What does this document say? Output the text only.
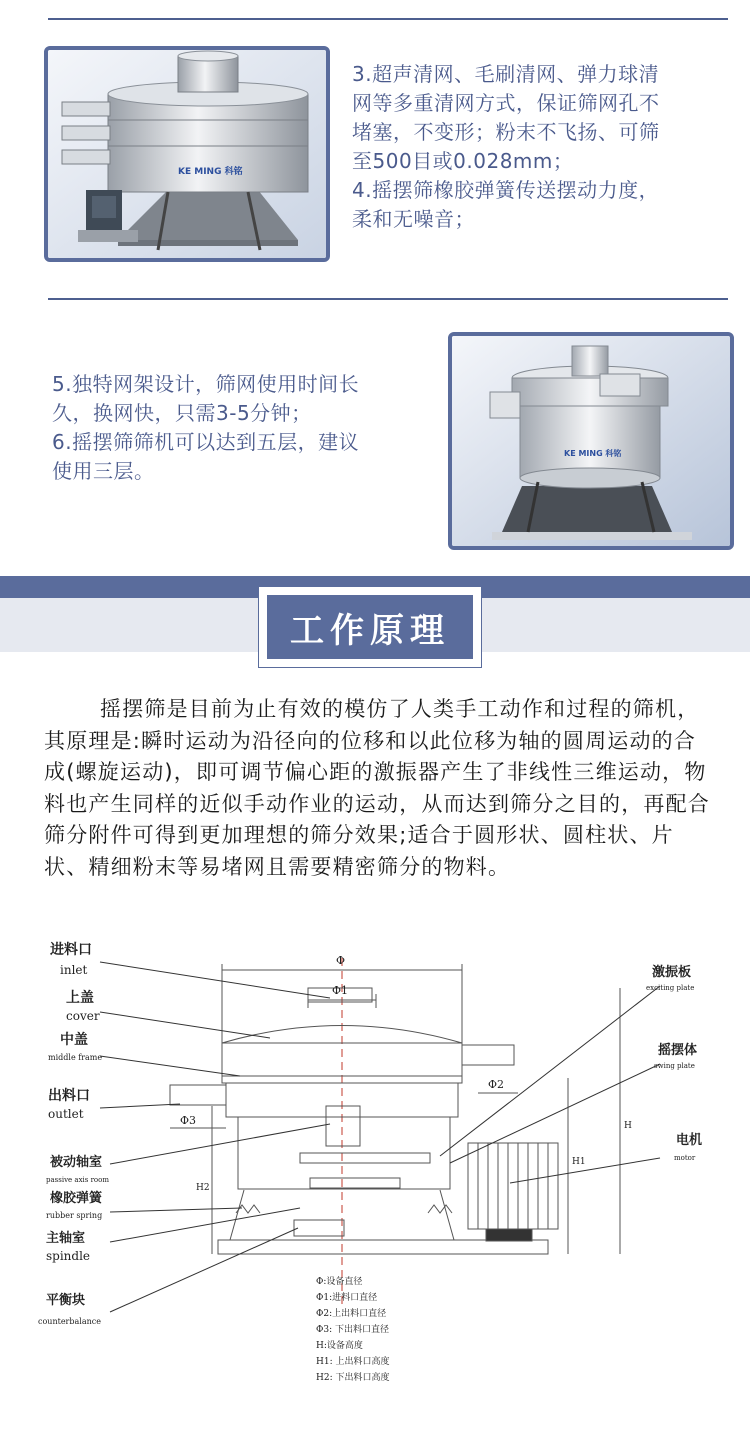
KE MING 科铭

3.超声清网、毛刷清网、弹力球清

网等多重清网方式，保证筛网孔不

堵塞，不变形；粉末不飞扬、可筛

至500目或0.028mm；

4.摇摆筛橡胶弹簧传送摆动力度，

柔和无噪音；

5.独特网架设计，筛网使用时间长

久，换网快，只需3-5分钟；

6.摇摆筛筛机可以达到五层，建议

使用三层。

KE MING 科铭
工作原理

摇摆筛是目前为止有效的模仿了人类手工动作和过程的筛机，其原理是:瞬时运动为沿径向的位移和以此位移为轴的圆周运动的合成(螺旋运动)，即可调节偏心距的激振器产生了非线性三维运动，物料也产生同样的近似手动作业的运动，从而达到筛分之目的，再配合筛分附件可得到更加理想的筛分效果;适合于圆形状、圆柱状、片状、精细粉末等易堵网且需要精密筛分的物料。

进料口
inlet
上盖
cover
中盖
middle frame
出料口
outlet
被动轴室
passive axis room
橡胶弹簧
rubber spring
主轴室
spindle
平衡块
counterbalance
激振板
exciting plate
摇摆体
swing plate
电机
motor
Φ
Φ1
Φ2
Φ3	H
H1
H2
Φ:设备直径
Φ1:进料口直径
Φ2:上出料口直径
Φ3: 下出料口直径
H:设备高度
H1: 上出料口高度
H2: 下出料口高度
